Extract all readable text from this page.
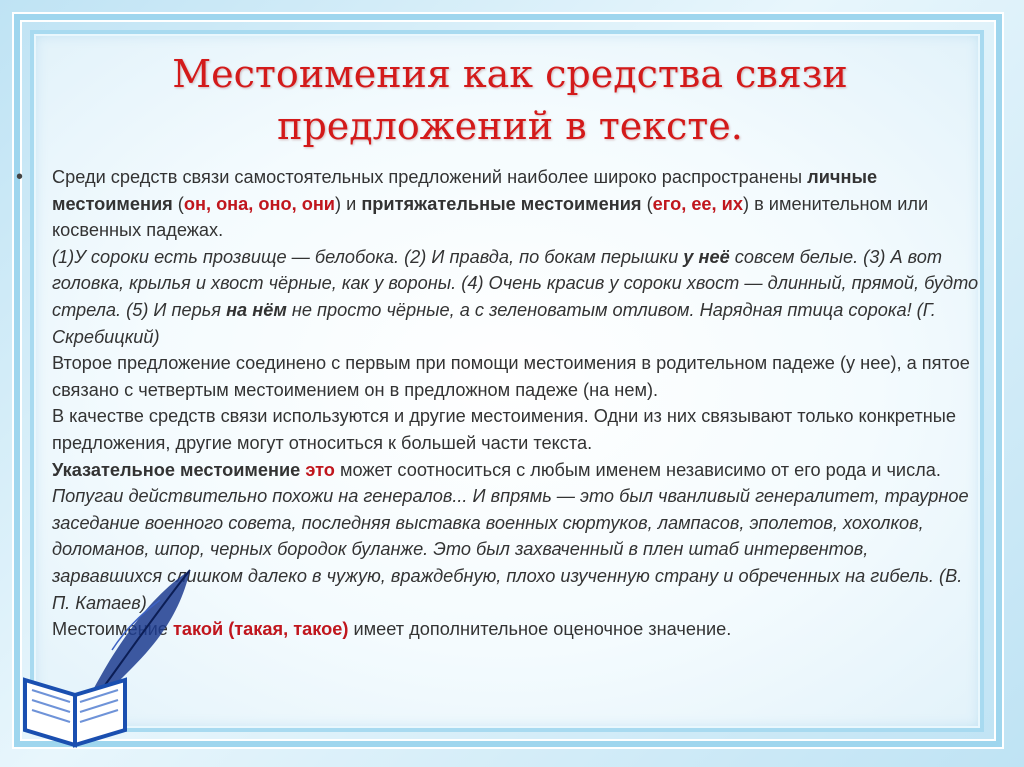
Местоимения как средства связи
предложений в тексте.
• Среди средств связи самостоятельных предложений наиболее широко распространены личные местоимения (он, она, оно, они) и притяжательные местоимения (его, ее, их) в именительном или косвенных падежах.

(1)У сороки есть прозвище — белобока. (2) И правда, по бокам перышки у неё совсем белые. (3) А вот головка, крылья и хвост чёрные, как у вороны. (4) Очень красив у сороки хвост — длинный, прямой, будто стрела. (5) И перья на нём не просто чёрные, а с зеленоватым отливом. Нарядная птица сорока! (Г. Скребицкий)

Второе предложение соединено с первым при помощи местоимения в родительном падеже (у нее), а пятое связано с четвертым местоимением он в предложном падеже (на нем).

В качестве средств связи используются и другие местоимения. Одни из них связывают только конкретные предложения, другие могут относиться к большей части текста.

Указательное местоимение это может соотноситься с любым именем независимо от его рода и числа.

Попугаи действительно похожи на генералов... И впрямь — это был чванливый генералитет, траурное заседание военного совета, последняя выставка военных сюртуков, лампасов, эполетов, хохолков, доломанов, шпор, черных бородок буланже. Это был захваченный в плен штаб интервентов, зарвавшихся слишком далеко в чужую, враждебную, плохо изученную страну и обреченных на гибель. (В. П. Катаев)

Местоимение такой (такая, такое) имеет дополнительное оценочное значение.
